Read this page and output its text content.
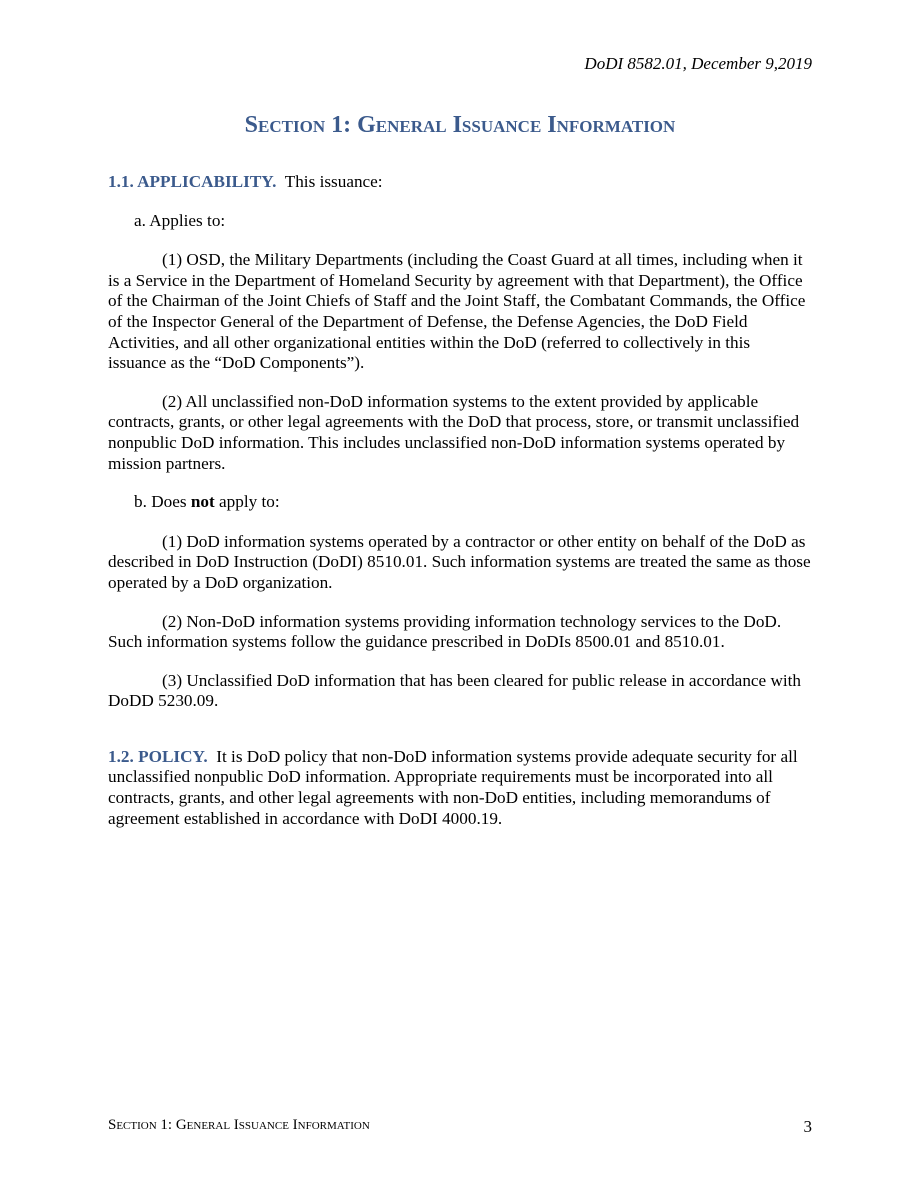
DoDI 8582.01, December 9,2019
Section 1: General Issuance Information

1.1. APPLICABILITY. This issuance:

a. Applies to:

(1) OSD, the Military Departments (including the Coast Guard at all times, including when it is a Service in the Department of Homeland Security by agreement with that Department), the Office of the Chairman of the Joint Chiefs of Staff and the Joint Staff, the Combatant Commands, the Office of the Inspector General of the Department of Defense, the Defense Agencies, the DoD Field Activities, and all other organizational entities within the DoD (referred to collectively in this issuance as the “DoD Components”).

(2) All unclassified non-DoD information systems to the extent provided by applicable contracts, grants, or other legal agreements with the DoD that process, store, or transmit unclassified nonpublic DoD information. This includes unclassified non-DoD information systems operated by mission partners.

b. Does not apply to:

(1) DoD information systems operated by a contractor or other entity on behalf of the DoD as described in DoD Instruction (DoDI) 8510.01. Such information systems are treated the same as those operated by a DoD organization.

(2) Non-DoD information systems providing information technology services to the DoD. Such information systems follow the guidance prescribed in DoDIs 8500.01 and 8510.01.

(3) Unclassified DoD information that has been cleared for public release in accordance with DoDD 5230.09.

1.2. POLICY. It is DoD policy that non-DoD information systems provide adequate security for all unclassified nonpublic DoD information. Appropriate requirements must be incorporated into all contracts, grants, and other legal agreements with non-DoD entities, including memorandums of agreement established in accordance with DoDI 4000.19.

Section 1: General Issuance Information	3
